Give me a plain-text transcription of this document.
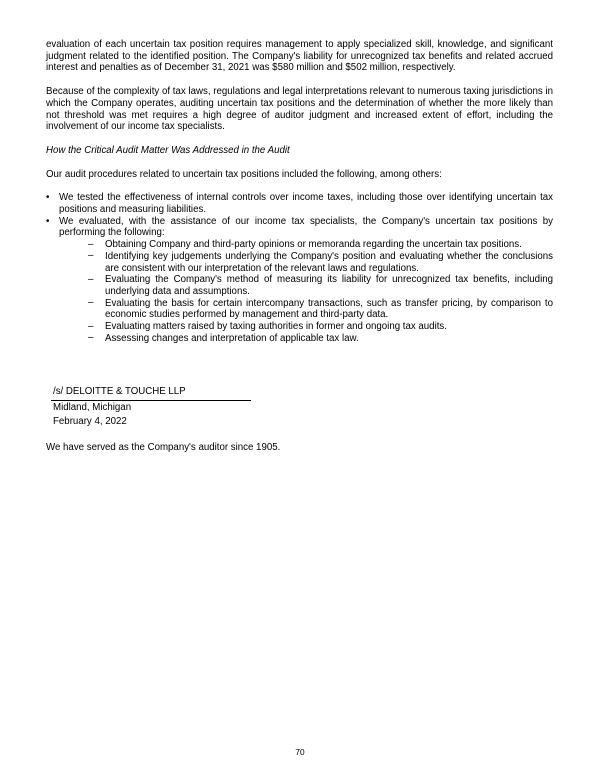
evaluation of each uncertain tax position requires management to apply specialized skill, knowledge, and significant judgment related to the identified position. The Company's liability for unrecognized tax benefits and related accrued interest and penalties as of December 31, 2021 was $580 million and $502 million, respectively.

Because of the complexity of tax laws, regulations and legal interpretations relevant to numerous taxing jurisdictions in which the Company operates, auditing uncertain tax positions and the determination of whether the more likely than not threshold was met requires a high degree of auditor judgment and increased extent of effort, including the involvement of our income tax specialists.

How the Critical Audit Matter Was Addressed in the Audit

Our audit procedures related to uncertain tax positions included the following, among others:

• We tested the effectiveness of internal controls over income taxes, including those over identifying uncertain tax positions and measuring liabilities.
• We evaluated, with the assistance of our income tax specialists, the Company's uncertain tax positions by performing the following:
– Obtaining Company and third-party opinions or memoranda regarding the uncertain tax positions.
– Identifying key judgements underlying the Company's position and evaluating whether the conclusions are consistent with our interpretation of the relevant laws and regulations.
– Evaluating the Company's method of measuring its liability for unrecognized tax benefits, including underlying data and assumptions.
– Evaluating the basis for certain intercompany transactions, such as transfer pricing, by comparison to economic studies performed by management and third-party data.
– Evaluating matters raised by taxing authorities in former and ongoing tax audits.
– Assessing changes and interpretation of applicable tax law.
/s/ DELOITTE & TOUCHE LLP
Midland, Michigan
February 4, 2022

We have served as the Company's auditor since 1905.

70
